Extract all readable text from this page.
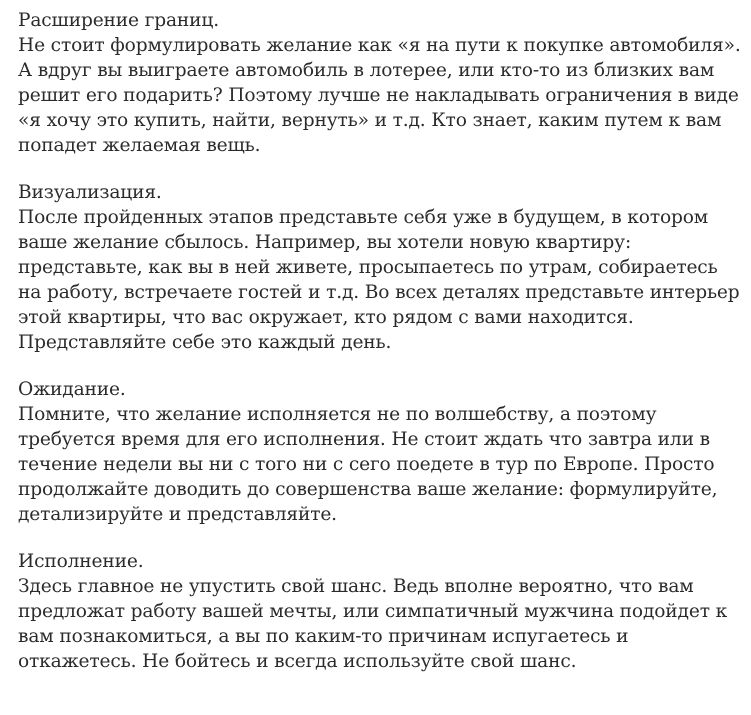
Расширение границ.

Не стоит формулировать желание как «я на пути к покупке автомобиля». А вдруг вы выиграете автомобиль в лотерее, или кто-то из близких вам решит его подарить? Поэтому лучше не накладывать ограничения в виде «я хочу это купить, найти, вернуть» и т.д. Кто знает, каким путем к вам попадет желаемая вещь.

Визуализация.

После пройденных этапов представьте себя уже в будущем, в котором ваше желание сбылось. Например, вы хотели новую квартиру: представьте, как вы в ней живете, просыпаетесь по утрам, собираетесь на работу, встречаете гостей и т.д. Во всех деталях представьте интерьер этой квартиры, что вас окружает, кто рядом с вами находится. Представляйте себе это каждый день.

Ожидание.

Помните, что желание исполняется не по волшебству, а поэтому требуется время для его исполнения. Не стоит ждать что завтра или в течение недели вы ни с того ни с сего поедете в тур по Европе. Просто продолжайте доводить до совершенства ваше желание: формулируйте, детализируйте и представляйте.

Исполнение.

Здесь главное не упустить свой шанс. Ведь вполне вероятно, что вам предложат работу вашей мечты, или симпатичный мужчина подойдет к вам познакомиться, а вы по каким-то причинам испугаетесь и откажетесь. Не бойтесь и всегда используйте свой шанс.
